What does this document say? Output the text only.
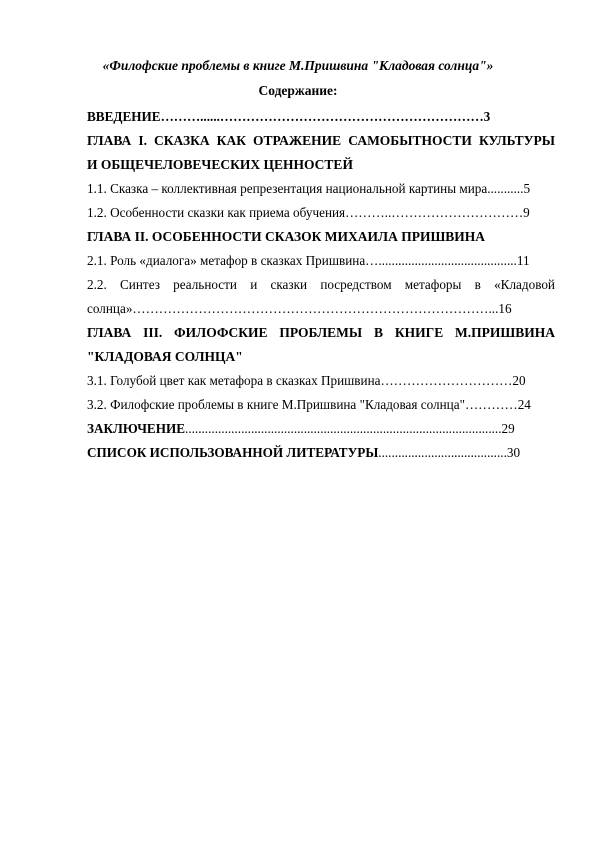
«Филофские проблемы в книге М.Пришвина "Кладовая солнца"»
Содержание:
ВВЕДЕНИЕ………......……………………………………………………3
ГЛАВА I. СКАЗКА КАК ОТРАЖЕНИЕ САМОБЫТНОСТИ КУЛЬТУРЫ
И ОБЩЕЧЕЛОВЕЧЕСКИХ ЦЕННОСТЕЙ
1.1. Сказка – коллективная репрезентация национальной картины мира...........5
1.2. Особенности сказки как приема обучения………..…………………………9
ГЛАВА II. ОСОБЕННОСТИ СКАЗОК МИХАИЛА ПРИШВИНА
2.1. Роль «диалога» метафор в сказках Пришвина…..........................................11
2.2. Синтез реальности и сказки посредством метафоры в «Кладовой
солнца»………………………………………………………………………...16
ГЛАВА III. ФИЛОФСКИЕ ПРОБЛЕМЫ В КНИГЕ М.ПРИШВИНА
"КЛАДОВАЯ СОЛНЦА"
3.1. Голубой цвет как метафора в сказках Пришвина…………………………20
3.2. Филофские проблемы в книге М.Пришвина "Кладовая солнца"…………24
ЗАКЛЮЧЕНИЕ................................................................................................29
СПИСОК ИСПОЛЬЗОВАННОЙ ЛИТЕРАТУРЫ.......................................30
